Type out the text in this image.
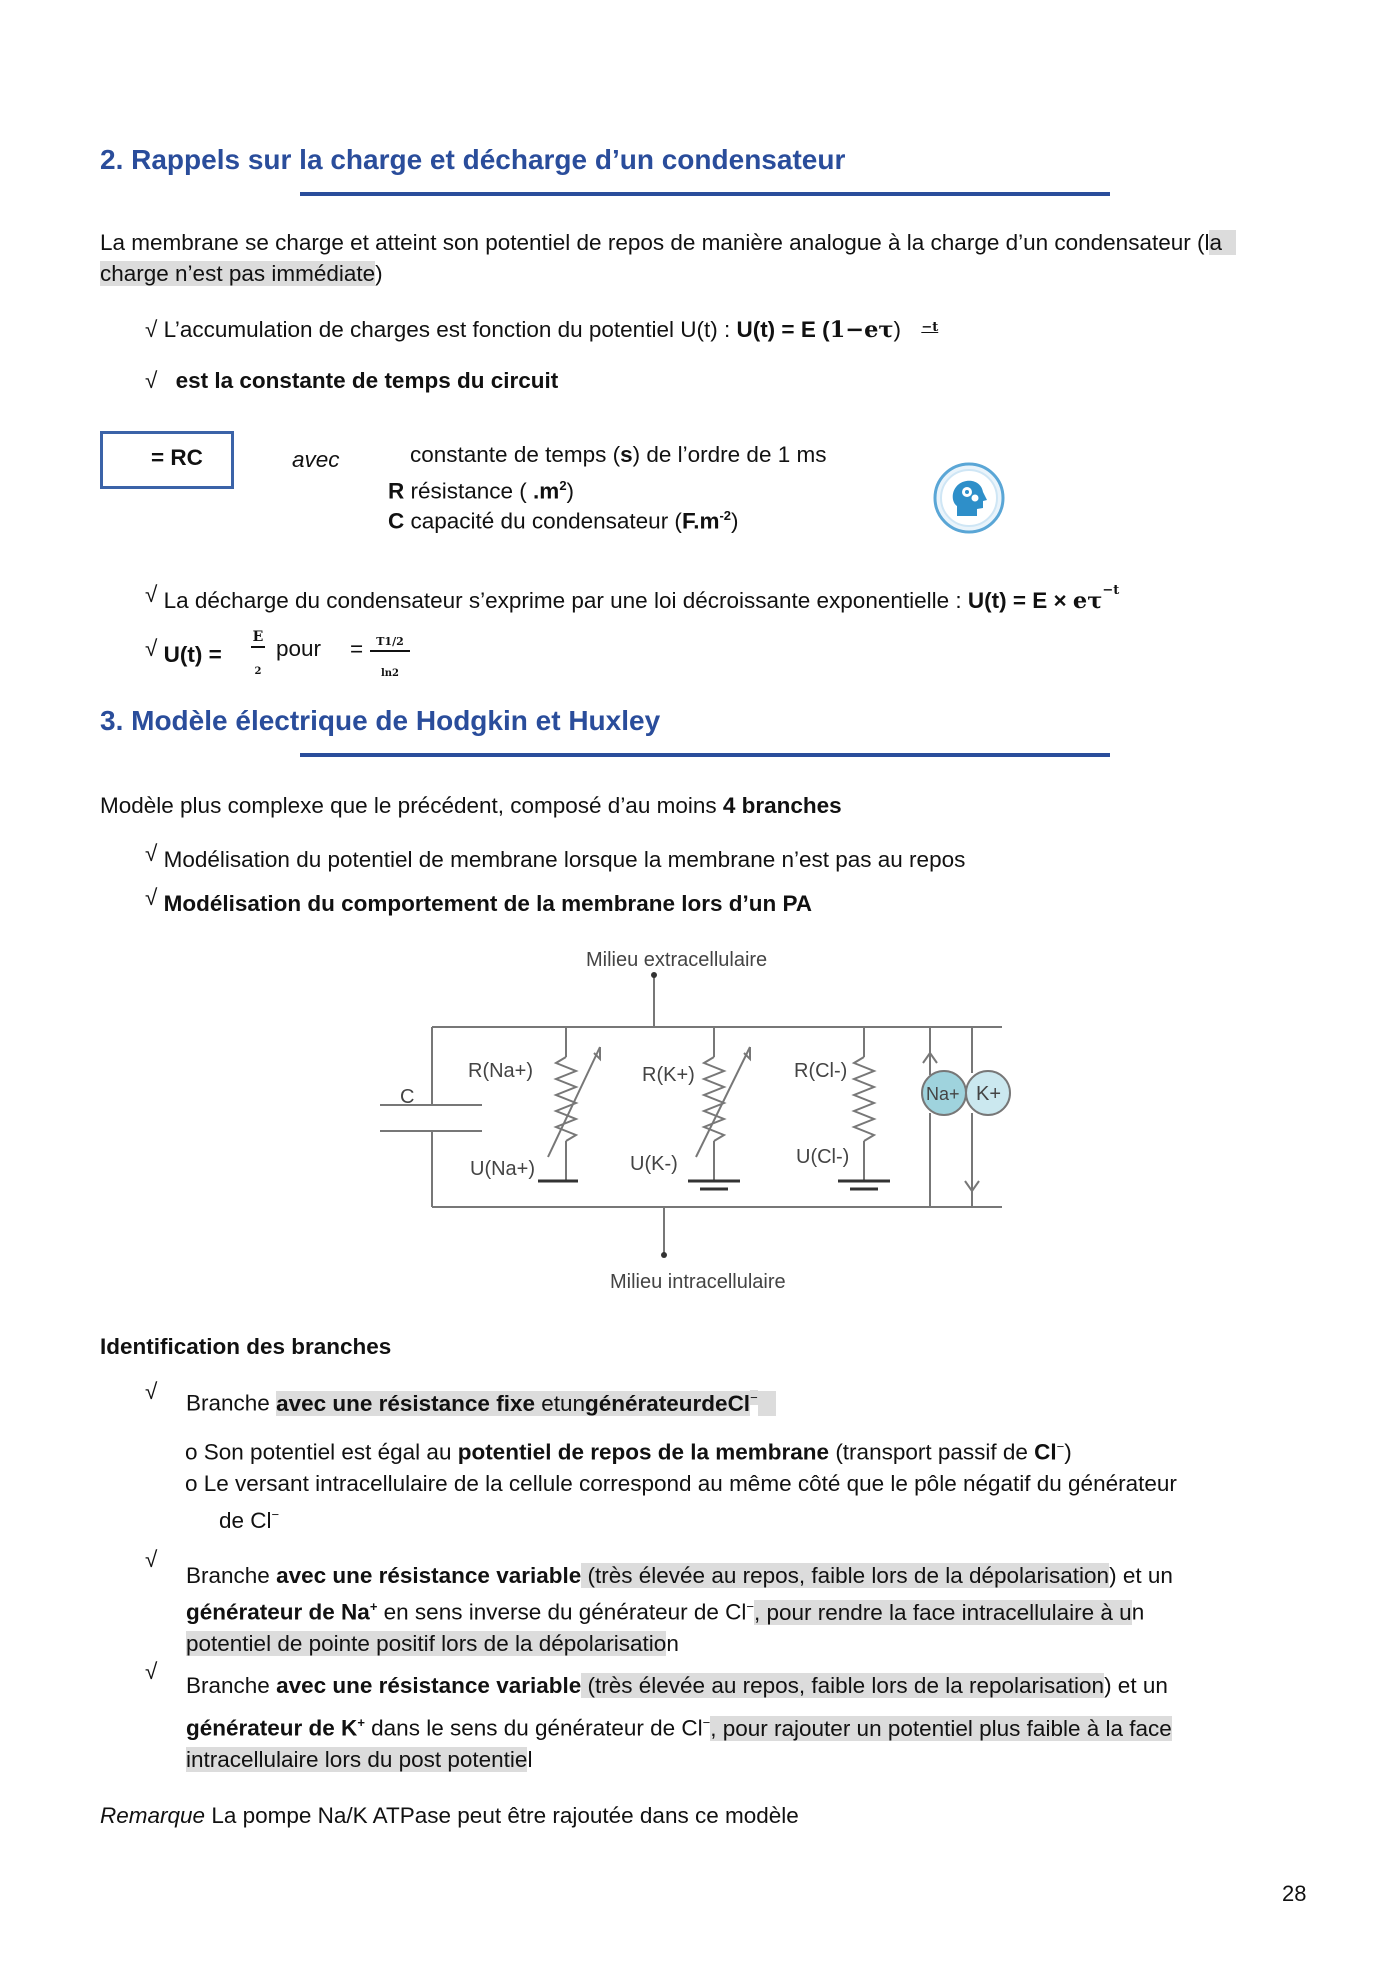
2. Rappels sur la charge et décharge d’un condensateur
La membrane se charge et atteint son potentiel de repos de manière analogue à la charge d’un condensateur (la
charge n’est pas immédiate)
√ L’accumulation de charges est fonction du potentiel U(t) : U(t) = E (1−eτ) $^{-t}$
√ est la constante de temps du circuit
= RC	avec	constante de temps (s) de l’ordre de 1 ms
R résistance ( $.m^2$)
C capacité du condensateur $(F.m^{-2})$
√ La décharge du condensateur s’exprime par une loi décroissante exponentielle : $U(t) = E \times e\tau^{-t}$
√ U(t) =
E
2
pour =	T1/2
ln2
3. Modèle électrique de Hodgkin et Huxley
Modèle plus complexe que le précédent, composé d’au moins 4 branches
√ Modélisation du potentiel de membrane lorsque la membrane n’est pas au repos
√ Modélisation du comportement de la membrane lors d’un PA
Milieu extracellulaire
Milieu intracellulaire
C
R(Na+)	R(K+)	R(Cl-)
U(Na+)	U(K-)	U(Cl-)
Na+ K+
Identification des branches
√ Branche avec une résistance fixe etungénérateurdeCl−
o Son potentiel est égal au potentiel de repos de la membrane (transport passif de Cl−)
o Le versant intracellulaire de la cellule correspond au même côté que le pôle négatif du générateur
de Cl−
√
Branche avec une résistance variable (très élevée au repos, faible lors de la dépolarisation) et un
générateur de Na+ en sens inverse du générateur de Cl−, pour rendre la face intracellulaire à un
potentiel de pointe positif lors de la dépolarisation
√
Branche avec une résistance variable (très élevée au repos, faible lors de la repolarisation) et un
générateur de K+ dans le sens du générateur de Cl−, pour rajouter un potentiel plus faible à la face
intracellulaire lors du post potentiel
Remarque La pompe Na/K ATPase peut être rajoutée dans ce modèle
28
